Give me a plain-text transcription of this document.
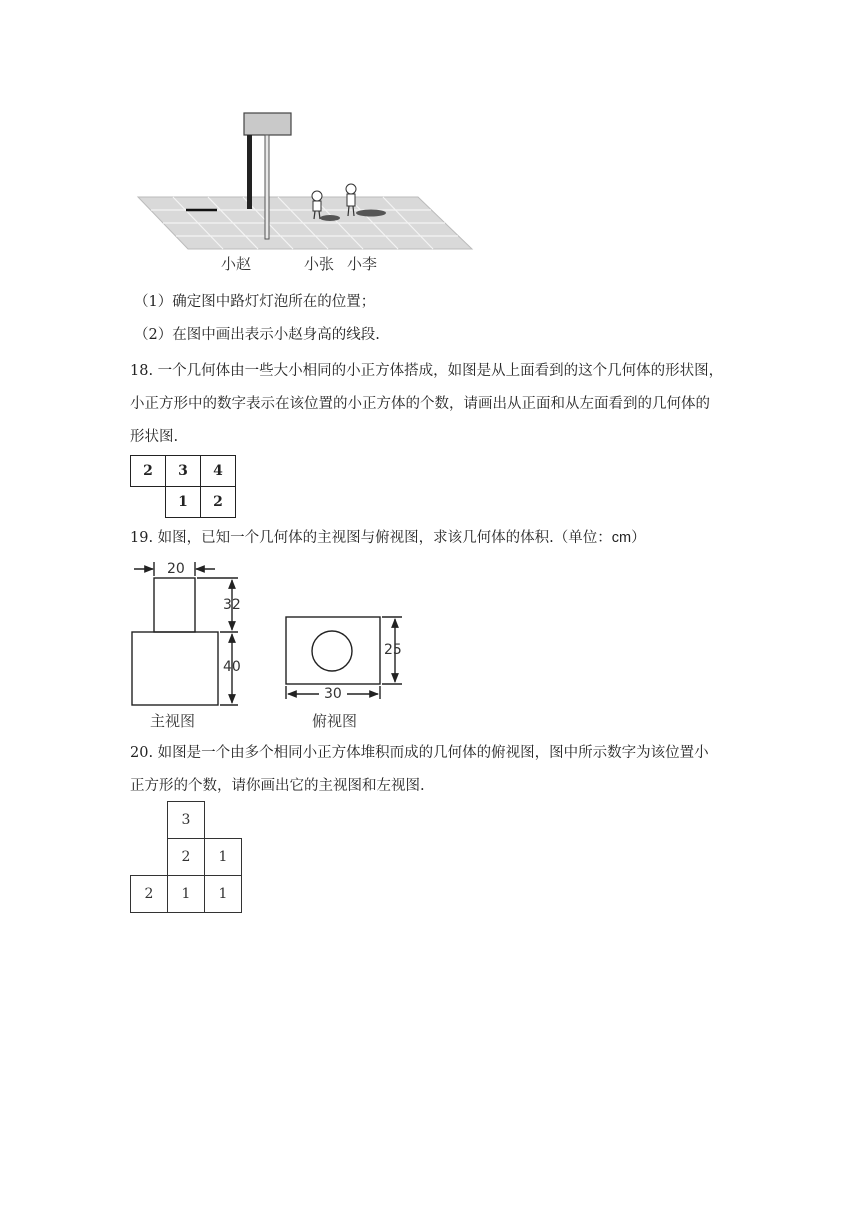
小赵	小张 小李
（1）确定图中路灯灯泡所在的位置；
（2）在图中画出表示小赵身高的线段.
18. 一个几何体由一些大小相同的小正方体搭成，如图是从上面看到的这个几何体的形状图，
小正方形中的数字表示在该位置的小正方体的个数，请画出从正面和从左面看到的几何体的
形状图.
2	3	4
	1	2
19. 如图，已知一个几何体的主视图与俯视图，求该几何体的体积.（单位：cm）
20
32
40
25
30
主视图	俯视图
20. 如图是一个由多个相同小正方体堆积而成的几何体的俯视图，图中所示数字为该位置小
正方形的个数，请你画出它的主视图和左视图.
	3	
	2	1
2	1	1
